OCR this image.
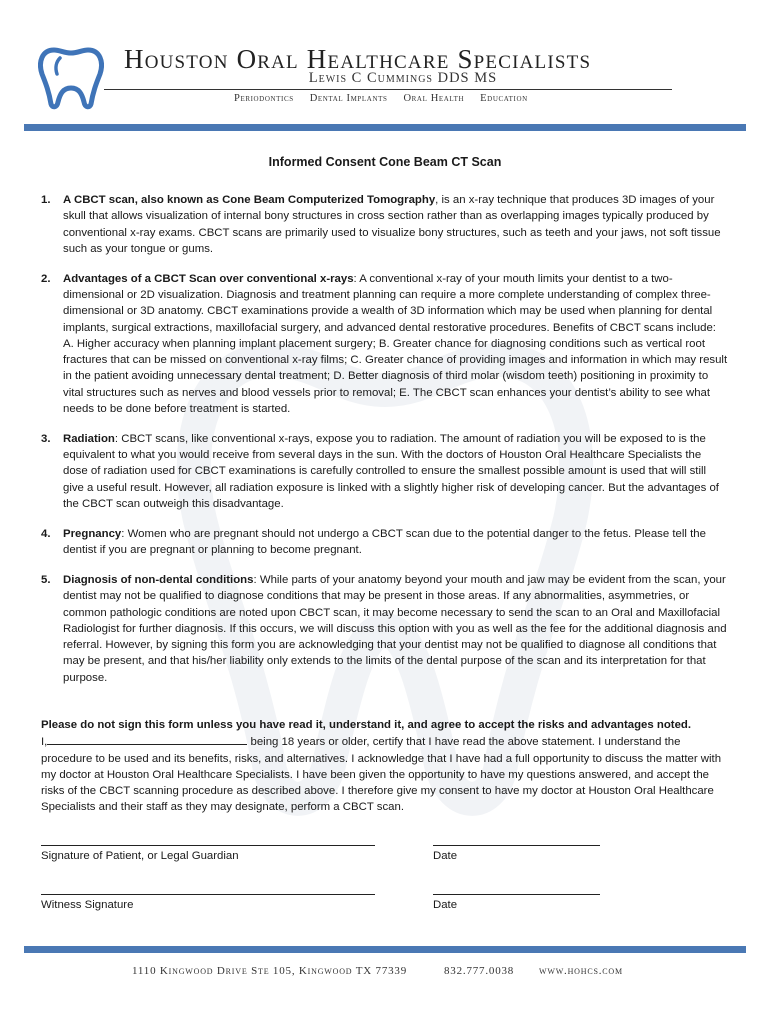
Houston Oral Healthcare Specialists
Lewis C Cummings DDS MS
Periodontics Dental Implants Oral Health Education
Informed Consent Cone Beam CT Scan
1.	A CBCT scan, also known as Cone Beam Computerized Tomography, is an x-ray technique that produces 3D images of your skull that allows visualization of internal bony structures in cross section rather than as overlapping images typically produced by conventional x-ray exams. CBCT scans are primarily used to visualize bony structures, such as teeth and your jaws, not soft tissue such as your tongue or gums.
2.	Advantages of a CBCT Scan over conventional x-rays: A conventional x-ray of your mouth limits your dentist to a two-dimensional or 2D visualization. Diagnosis and treatment planning can require a more complete understanding of complex three-dimensional or 3D anatomy. CBCT examinations provide a wealth of 3D information which may be used when planning for dental implants, surgical extractions, maxillofacial surgery, and advanced dental restorative procedures. Benefits of CBCT scans include: A. Higher accuracy when planning implant placement surgery; B. Greater chance for diagnosing conditions such as vertical root fractures that can be missed on conventional x-ray films; C. Greater chance of providing images and information in which may result in the patient avoiding unnecessary dental treatment; D. Better diagnosis of third molar (wisdom teeth) positioning in proximity to vital structures such as nerves and blood vessels prior to removal; E. The CBCT scan enhances your dentist’s ability to see what needs to be done before treatment is started.
3.	Radiation: CBCT scans, like conventional x-rays, expose you to radiation. The amount of radiation you will be exposed to is the equivalent to what you would receive from several days in the sun. With the doctors of Houston Oral Healthcare Specialists the dose of radiation used for CBCT examinations is carefully controlled to ensure the smallest possible amount is used that will still give a useful result. However, all radiation exposure is linked with a slightly higher risk of developing cancer. But the advantages of the CBCT scan outweigh this disadvantage.
4.	Pregnancy: Women who are pregnant should not undergo a CBCT scan due to the potential danger to the fetus. Please tell the dentist if you are pregnant or planning to become pregnant.
5.	Diagnosis of non-dental conditions: While parts of your anatomy beyond your mouth and jaw may be evident from the scan, your dentist may not be qualified to diagnose conditions that may be present in those areas. If any abnormalities, asymmetries, or common pathologic conditions are noted upon CBCT scan, it may become necessary to send the scan to an Oral and Maxillofacial Radiologist for further diagnosis. If this occurs, we will discuss this option with you as well as the fee for the additional diagnosis and referral. However, by signing this form you are acknowledging that your dentist may not be qualified to diagnose all conditions that may be present, and that his/her liability only extends to the limits of the dental purpose of the scan and its interpretation for that purpose.
Please do not sign this form unless you have read it, understand it, and agree to accept the risks and advantages noted.
I,	being 18 years or older, certify that I have read the above statement. I understand the procedure to be used and its benefits, risks, and alternatives. I acknowledge that I have had a full opportunity to discuss the matter with my doctor at Houston Oral Healthcare Specialists. I have been given the opportunity to have my questions answered, and accept the risks of the CBCT scanning procedure as described above. I therefore give my consent to have my doctor at Houston Oral Healthcare Specialists and their staff as they may designate, perform a CBCT scan.
Signature of Patient, or Legal Guardian	Date
Witness Signature	Date
1110 Kingwood Drive Ste 105, Kingwood TX 77339	832.777.0038 www.hohcs.com
